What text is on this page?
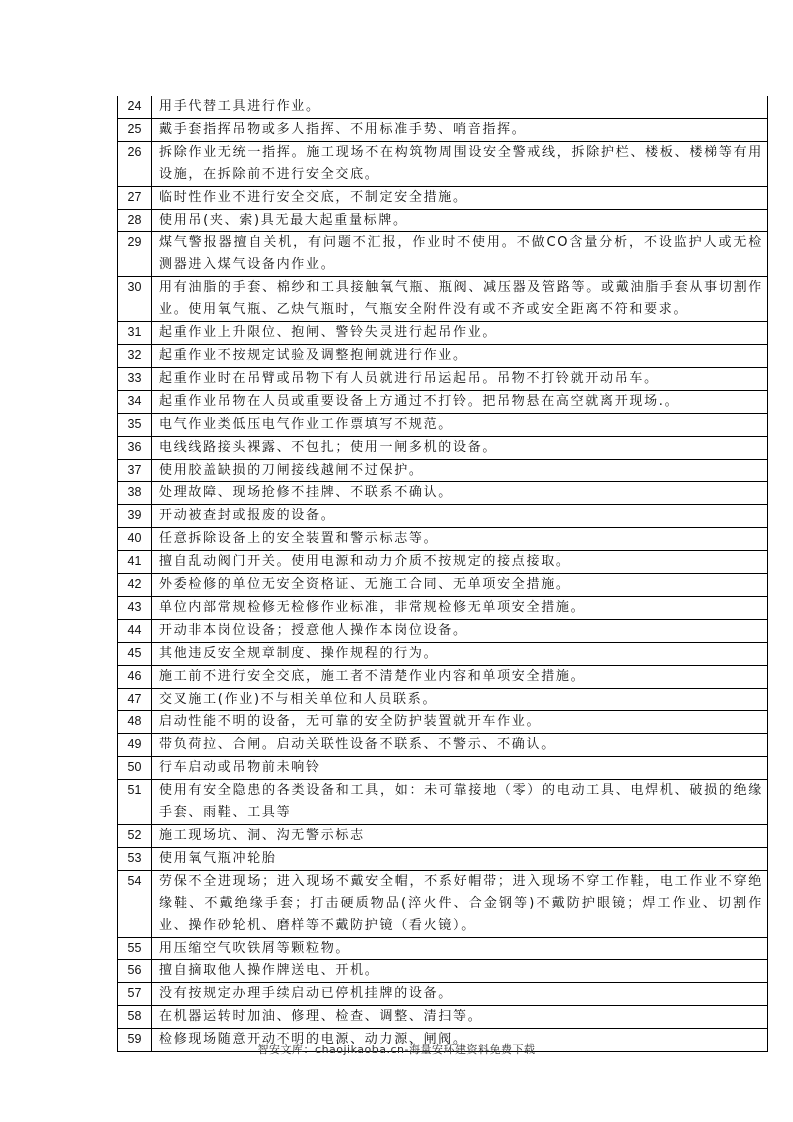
24	用手代替工具进行作业。
25	戴手套指挥吊物或多人指挥、不用标准手势、哨音指挥。
26	拆除作业无统一指挥。施工现场不在构筑物周围设安全警戒线，拆除护栏、楼板、楼梯等有用设施，在拆除前不进行安全交底。
27	临时性作业不进行安全交底，不制定安全措施。
28	使用吊(夹、索)具无最大起重量标牌。
29	煤气警报器擅自关机，有问题不汇报，作业时不使用。不做CO含量分析，不设监护人或无检测器进入煤气设备内作业。
30	用有油脂的手套、棉纱和工具接触氧气瓶、瓶阀、减压器及管路等。或戴油脂手套从事切割作业。使用氧气瓶、乙炔气瓶时，气瓶安全附件没有或不齐或安全距离不符和要求。
31	起重作业上升限位、抱闸、警铃失灵进行起吊作业。
32	起重作业不按规定试验及调整抱闸就进行作业。
33	起重作业时在吊臂或吊物下有人员就进行吊运起吊。吊物不打铃就开动吊车。
34	起重作业吊物在人员或重要设备上方通过不打铃。把吊物悬在高空就离开现场.。
35	电气作业类低压电气作业工作票填写不规范。
36	电线线路接头裸露、不包扎；使用一闸多机的设备。
37	使用胶盖缺损的刀闸接线越闸不过保护。
38	处理故障、现场抢修不挂牌、不联系不确认。
39	开动被查封或报废的设备。
40	任意拆除设备上的安全装置和警示标志等。
41	擅自乱动阀门开关。使用电源和动力介质不按规定的接点接取。
42	外委检修的单位无安全资格证、无施工合同、无单项安全措施。
43	单位内部常规检修无检修作业标准，非常规检修无单项安全措施。
44	开动非本岗位设备；授意他人操作本岗位设备。
45	其他违反安全规章制度、操作规程的行为。
46	施工前不进行安全交底，施工者不清楚作业内容和单项安全措施。
47	交叉施工(作业)不与相关单位和人员联系。
48	启动性能不明的设备，无可靠的安全防护装置就开车作业。
49	带负荷拉、合闸。启动关联性设备不联系、不警示、不确认。
50	行车启动或吊物前未响铃
51	使用有安全隐患的各类设备和工具，如：未可靠接地（零）的电动工具、电焊机、破损的绝缘手套、雨鞋、工具等
52	施工现场坑、洞、沟无警示标志
53	使用氧气瓶冲轮胎
54	劳保不全进现场；进入现场不戴安全帽，不系好帽带；进入现场不穿工作鞋，电工作业不穿绝缘鞋、不戴绝缘手套；打击硬质物品(淬火件、合金钢等)不戴防护眼镜；焊工作业、切割作业、操作砂轮机、磨样等不戴防护镜（看火镜）。
55	用压缩空气吹铁屑等颗粒物。
56	擅自摘取他人操作牌送电、开机。
57	没有按规定办理手续启动已停机挂牌的设备。
58	在机器运转时加油、修理、检查、调整、清扫等。
59	检修现场随意开动不明的电源、动力源、闸阀。
智安文库：chaojikaoba.cn-海量安环建资料免费下载
